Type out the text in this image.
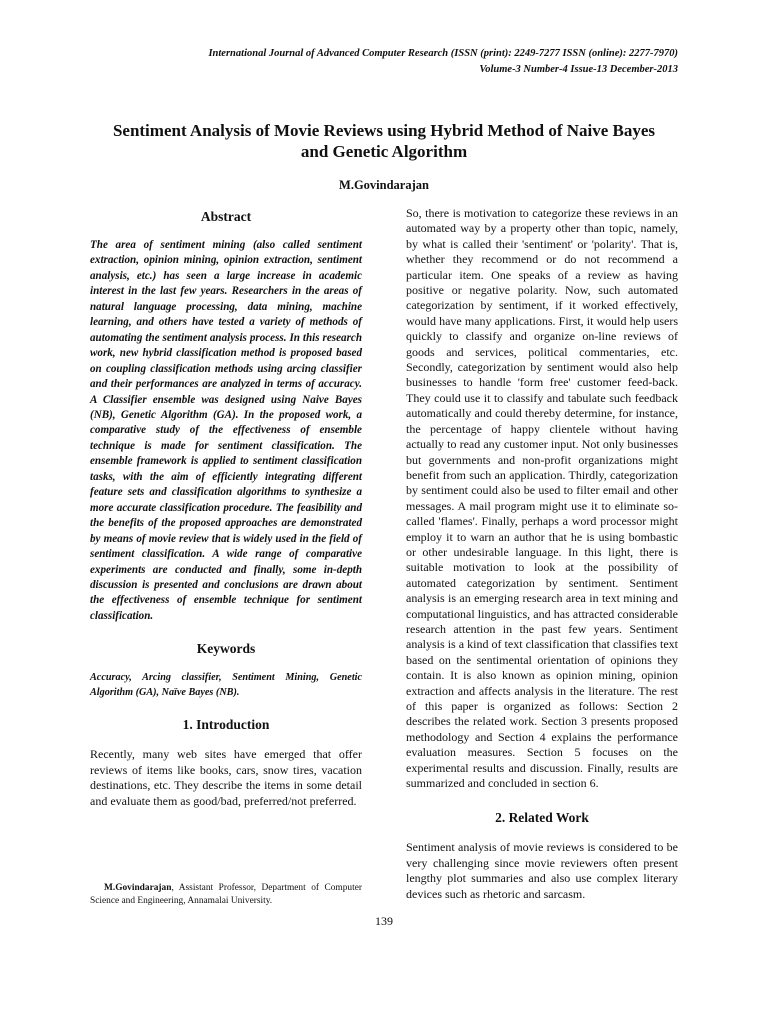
International Journal of Advanced Computer Research (ISSN (print): 2249-7277 ISSN (online): 2277-7970)
Volume-3 Number-4 Issue-13 December-2013
Sentiment Analysis of Movie Reviews using Hybrid Method of Naive Bayes
and Genetic Algorithm
M.Govindarajan
Abstract

The area of sentiment mining (also called sentiment extraction, opinion mining, opinion extraction, sentiment analysis, etc.) has seen a large increase in academic interest in the last few years. Researchers in the areas of natural language processing, data mining, machine learning, and others have tested a variety of methods of automating the sentiment analysis process. In this research work, new hybrid classification method is proposed based on coupling classification methods using arcing classifier and their performances are analyzed in terms of accuracy. A Classifier ensemble was designed using Naive Bayes (NB), Genetic Algorithm (GA). In the proposed work, a comparative study of the effectiveness of ensemble technique is made for sentiment classification. The ensemble framework is applied to sentiment classification tasks, with the aim of efficiently integrating different feature sets and classification algorithms to synthesize a more accurate classification procedure. The feasibility and the benefits of the proposed approaches are demonstrated by means of movie review that is widely used in the field of sentiment classification. A wide range of comparative experiments are conducted and finally, some in-depth discussion is presented and conclusions are drawn about the effectiveness of ensemble technique for sentiment classification.

Keywords

Accuracy, Arcing classifier, Sentiment Mining, Genetic Algorithm (GA), Naïve Bayes (NB).

1. Introduction

Recently, many web sites have emerged that offer reviews of items like books, cars, snow tires, vacation destinations, etc. They describe the items in some detail and evaluate them as good/bad, preferred/not preferred.

So, there is motivation to categorize these reviews in an automated way by a property other than topic, namely, by what is called their 'sentiment' or 'polarity'. That is, whether they recommend or do not recommend a particular item. One speaks of a review as having positive or negative polarity. Now, such automated categorization by sentiment, if it worked effectively, would have many applications. First, it would help users quickly to classify and organize on-line reviews of goods and services, political commentaries, etc. Secondly, categorization by sentiment would also help businesses to handle 'form free' customer feed-back. They could use it to classify and tabulate such feedback automatically and could thereby determine, for instance, the percentage of happy clientele without having actually to read any customer input. Not only businesses but governments and non-profit organizations might benefit from such an application. Thirdly, categorization by sentiment could also be used to filter email and other messages. A mail program might use it to eliminate so-called 'flames'. Finally, perhaps a word processor might employ it to warn an author that he is using bombastic or other undesirable language. In this light, there is suitable motivation to look at the possibility of automated categorization by sentiment. Sentiment analysis is an emerging research area in text mining and computational linguistics, and has attracted considerable research attention in the past few years. Sentiment analysis is a kind of text classification that classifies text based on the sentimental orientation of opinions they contain. It is also known as opinion mining, opinion extraction and affects analysis in the literature. The rest of this paper is organized as follows: Section 2 describes the related work. Section 3 presents proposed methodology and Section 4 explains the performance evaluation measures. Section 5 focuses on the experimental results and discussion. Finally, results are summarized and concluded in section 6.

2. Related Work

Sentiment analysis of movie reviews is considered to be very challenging since movie reviewers often present lengthy plot summaries and also use complex literary devices such as rhetoric and sarcasm.

M.Govindarajan, Assistant Professor, Department of Computer Science and Engineering, Annamalai University.
139
